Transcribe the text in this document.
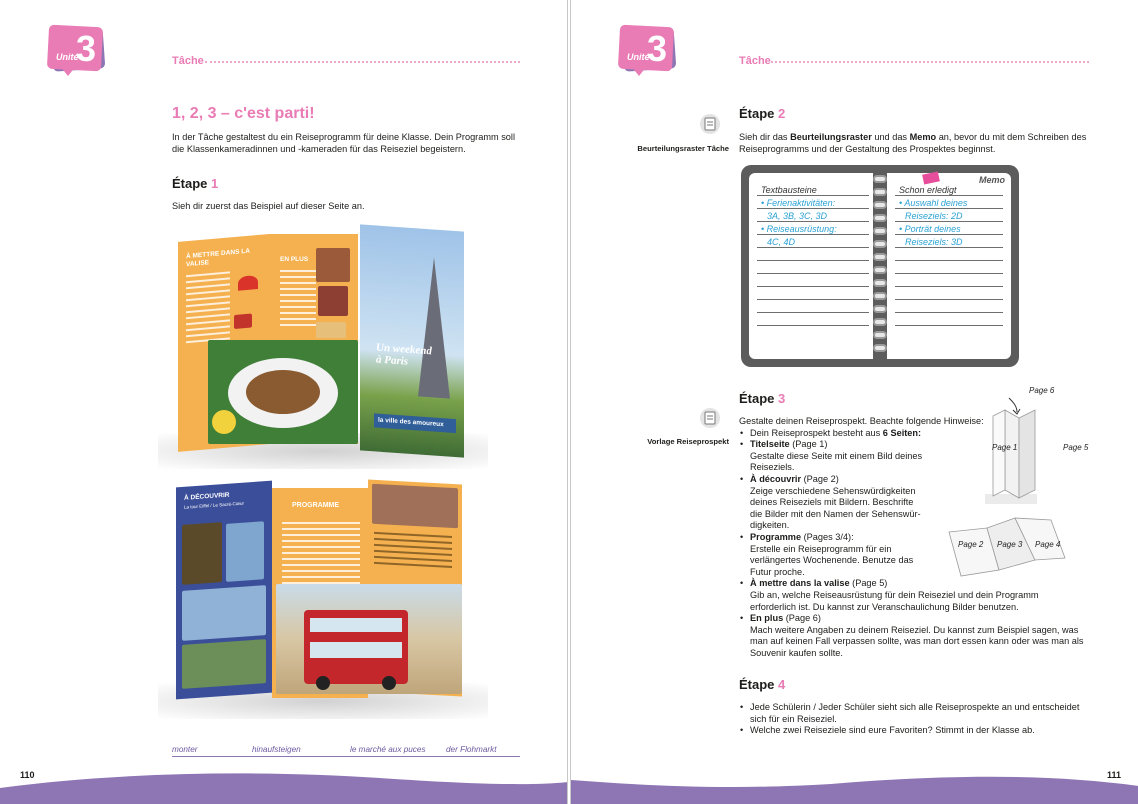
Unité
3	Tâche
1, 2, 3 – c'est parti!
In der Tâche gestaltest du ein Reiseprogramm für deine Klasse. Dein Programm soll die Klassenkameradinnen und -kameraden für das Reiseziel begeistern.
Étape 1
Sieh dir zuerst das Beispiel auf dieser Seite an.
À METTRE DANS LA VALISE	EN PLUS
Un weekend à Paris
la ville des amoureux
À DÉCOUVRIR
La tour Eiffel / Le Sacré-Cœur	PROGRAMME
monter	hinaufsteigen	le marché aux puces der Flohmarkt
110
Unité
3	Tâche
Étape 2
Beurteilungsraster Tâche
Sieh dir das Beurteilungsraster und das Memo an, bevor du mit dem Schreiben des Reiseprogramms und der Gestaltung des Prospektes beginnst.
Memo
Textbausteine
• Ferienaktivitäten:
3A, 3B, 3C, 3D
• Reiseausrüstung:
4C, 4D
Schon erledigt
• Auswahl deines
Reiseziels: 2D
• Porträt deines
Reiseziels: 3D
Étape 3
Vorlage Reiseprospekt
Gestalte deinen Reiseprospekt. Beachte folgende Hinweise:
• Dein Reiseprospekt besteht aus 6 Seiten:
• Titelseite (Page 1)
Gestalte diese Seite mit einem Bild deines
Reiseziels.
• À découvrir (Page 2)
Zeige verschiedene Sehenswürdigkeiten
deines Reiseziels mit Bildern. Beschrifte
die Bilder mit den Namen der Sehenswür-
digkeiten.
• Programme (Pages 3/4):
Erstelle ein Reiseprogramm für ein
verlängertes Wochenende. Benutze das
Futur proche.
• À mettre dans la valise (Page 5)
Gib an, welche Reiseausrüstung für dein Reiseziel und dein Programm
erforderlich ist. Du kannst zur Veranschaulichung Bilder benutzen.
• En plus (Page 6)
Mach weitere Angaben zu deinem Reiseziel. Du kannst zum Beispiel sagen, was
man auf keinen Fall verpassen sollte, was man dort essen kann oder was man als
Souvenir kaufen sollte.
Page 6
Page 1	Page 5
Page 2 Page 3 Page 4
Étape 4
• Jede Schülerin / Jeder Schüler sieht sich alle Reiseprospekte an und entscheidet
sich für ein Reiseziel.
• Welche zwei Reiseziele sind eure Favoriten? Stimmt in der Klasse ab.
111
